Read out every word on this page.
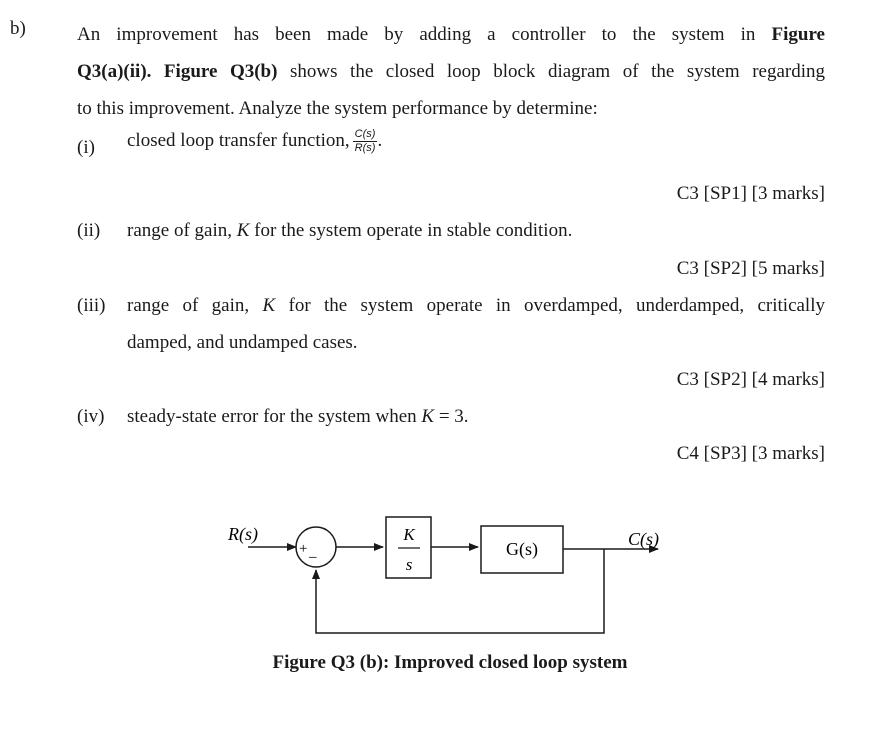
b)	An improvement has been made by adding a controller to the system in Figure
Q3(a)(ii). Figure Q3(b) shows the closed loop block diagram of the system regarding
to this improvement. Analyze the system performance by determine:
(i) closed loop transfer function, $\frac{C(s)}{R(s)}$ .
C3 [SP1] [3 marks]
(ii) range of gain, K for the system operate in stable condition.
C3 [SP2] [5 marks]
(iii) range of gain, K for the system operate in overdamped, underdamped, critically
damped, and undamped cases.
C3 [SP2] [4 marks]
(iv) steady-state error for the system when K = 3.
C4 [SP3] [3 marks]
R(s)
+ _
K
s
G(s)	C(s)
Figure Q3 (b): Improved closed loop system
